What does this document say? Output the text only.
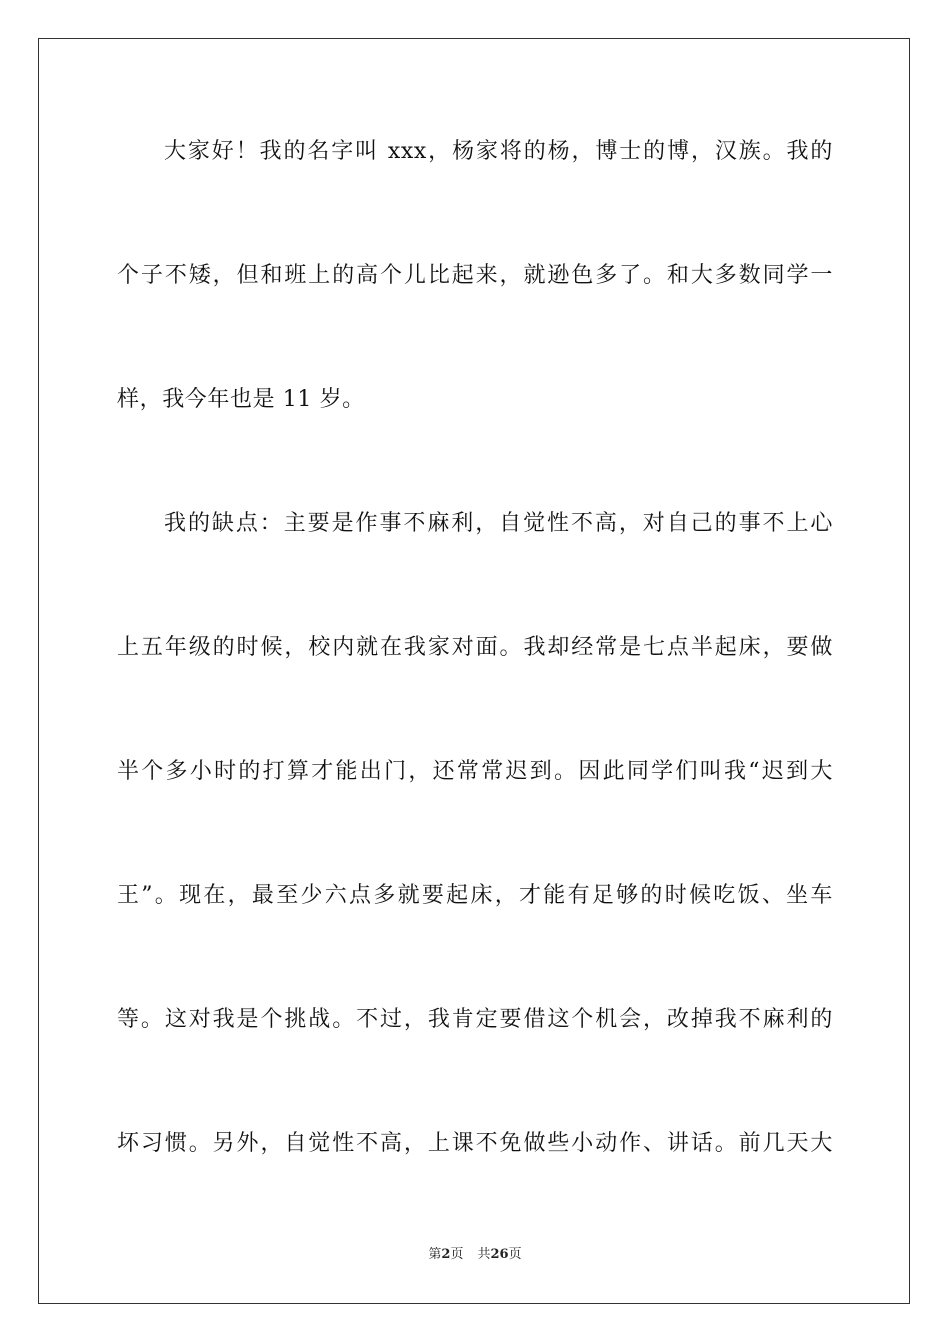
大家好！我的名字叫 xxx，杨家将的杨，博士的博，汉族。我的
个子不矮，但和班上的高个儿比起来，就逊色多了。和大多数同学一
样，我今年也是 11 岁。
我的缺点：主要是作事不麻利，自觉性不高，对自己的事不上心
上五年级的时候，校内就在我家对面。我却经常是七点半起床，要做
半个多小时的打算才能出门，还常常迟到。因此同学们叫我“迟到大
王”。现在，最至少六点多就要起床，才能有足够的时候吃饭、坐车
等。这对我是个挑战。不过，我肯定要借这个机会，改掉我不麻利的
坏习惯。另外，自觉性不高，上课不免做些小动作、讲话。前几天大
第2页 共26页
